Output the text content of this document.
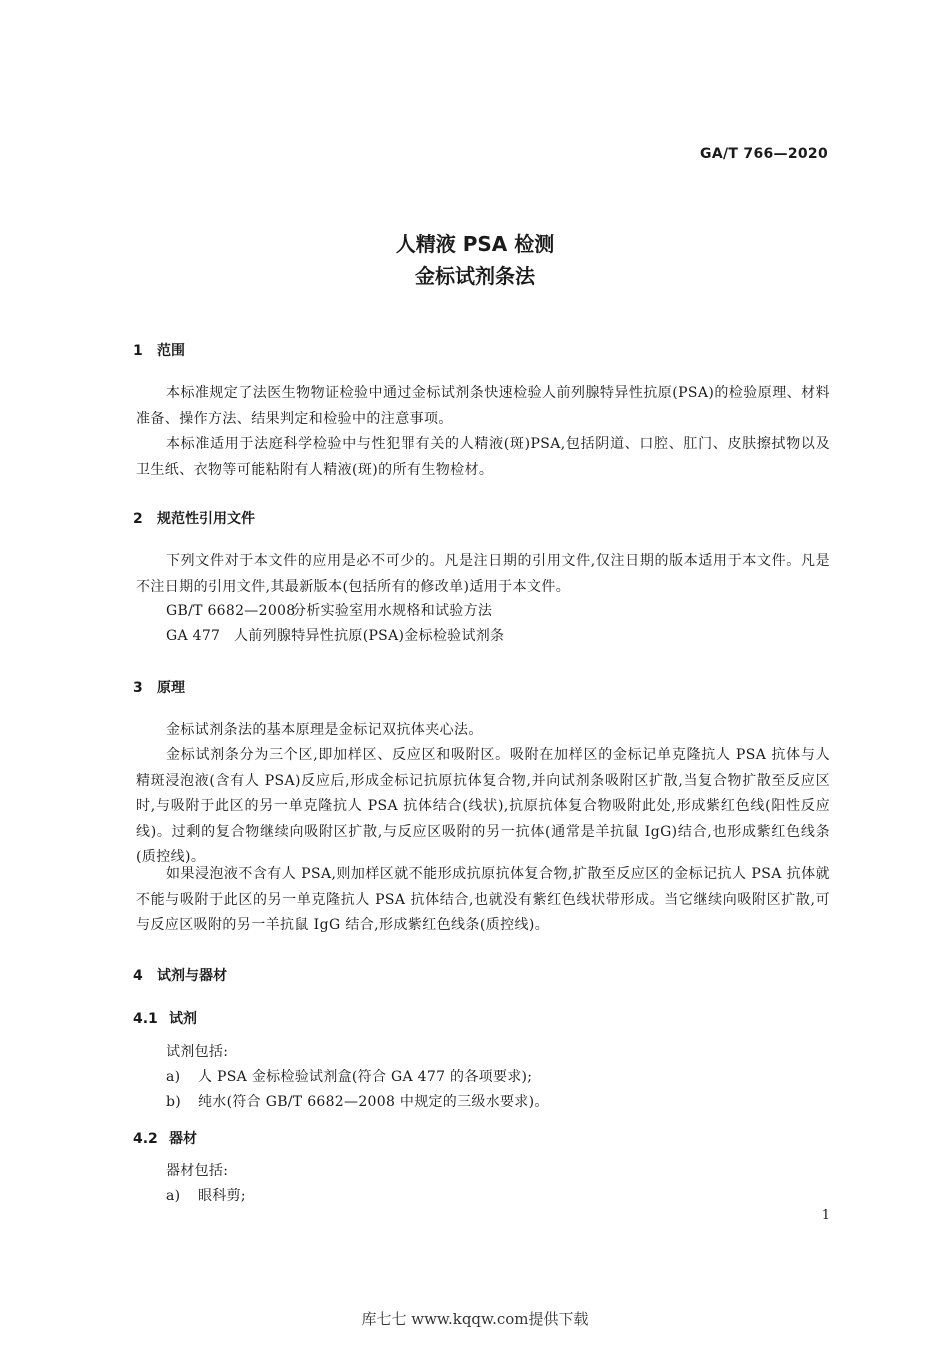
GA/T 766—2020
人精液 PSA 检测
金标试剂条法
1 范围
本标准规定了法医生物物证检验中通过金标试剂条快速检验人前列腺特异性抗原(PSA)的检验原理、材料准备、操作方法、结果判定和检验中的注意事项。
本标准适用于法庭科学检验中与性犯罪有关的人精液(斑)PSA,包括阴道、口腔、肛门、皮肤擦拭物以及卫生纸、衣物等可能粘附有人精液(斑)的所有生物检材。
2 规范性引用文件
下列文件对于本文件的应用是必不可少的。凡是注日期的引用文件,仅注日期的版本适用于本文件。凡是不注日期的引用文件,其最新版本(包括所有的修改单)适用于本文件。
GB/T 6682—2008分析实验室用水规格和试验方法
GA 477 人前列腺特异性抗原(PSA)金标检验试剂条
3 原理
金标试剂条法的基本原理是金标记双抗体夹心法。
金标试剂条分为三个区,即加样区、反应区和吸附区。吸附在加样区的金标记单克隆抗人 PSA 抗体与人精斑浸泡液(含有人 PSA)反应后,形成金标记抗原抗体复合物,并向试剂条吸附区扩散,当复合物扩散至反应区时,与吸附于此区的另一单克隆抗人 PSA 抗体结合(线状),抗原抗体复合物吸附此处,形成紫红色线(阳性反应线)。过剩的复合物继续向吸附区扩散,与反应区吸附的另一抗体(通常是羊抗鼠 IgG)结合,也形成紫红色线条(质控线)。
如果浸泡液不含有人 PSA,则加样区就不能形成抗原抗体复合物,扩散至反应区的金标记抗人 PSA 抗体就不能与吸附于此区的另一单克隆抗人 PSA 抗体结合,也就没有紫红色线状带形成。当它继续向吸附区扩散,可与反应区吸附的另一羊抗鼠 IgG 结合,形成紫红色线条(质控线)。
4 试剂与器材
4.1 试剂
试剂包括:
a) 人 PSA 金标检验试剂盒(符合 GA 477 的各项要求);
b) 纯水(符合 GB/T 6682—2008 中规定的三级水要求)。
4.2 器材
器材包括:
a) 眼科剪;
1
库七七 www.kqqw.com提供下载
